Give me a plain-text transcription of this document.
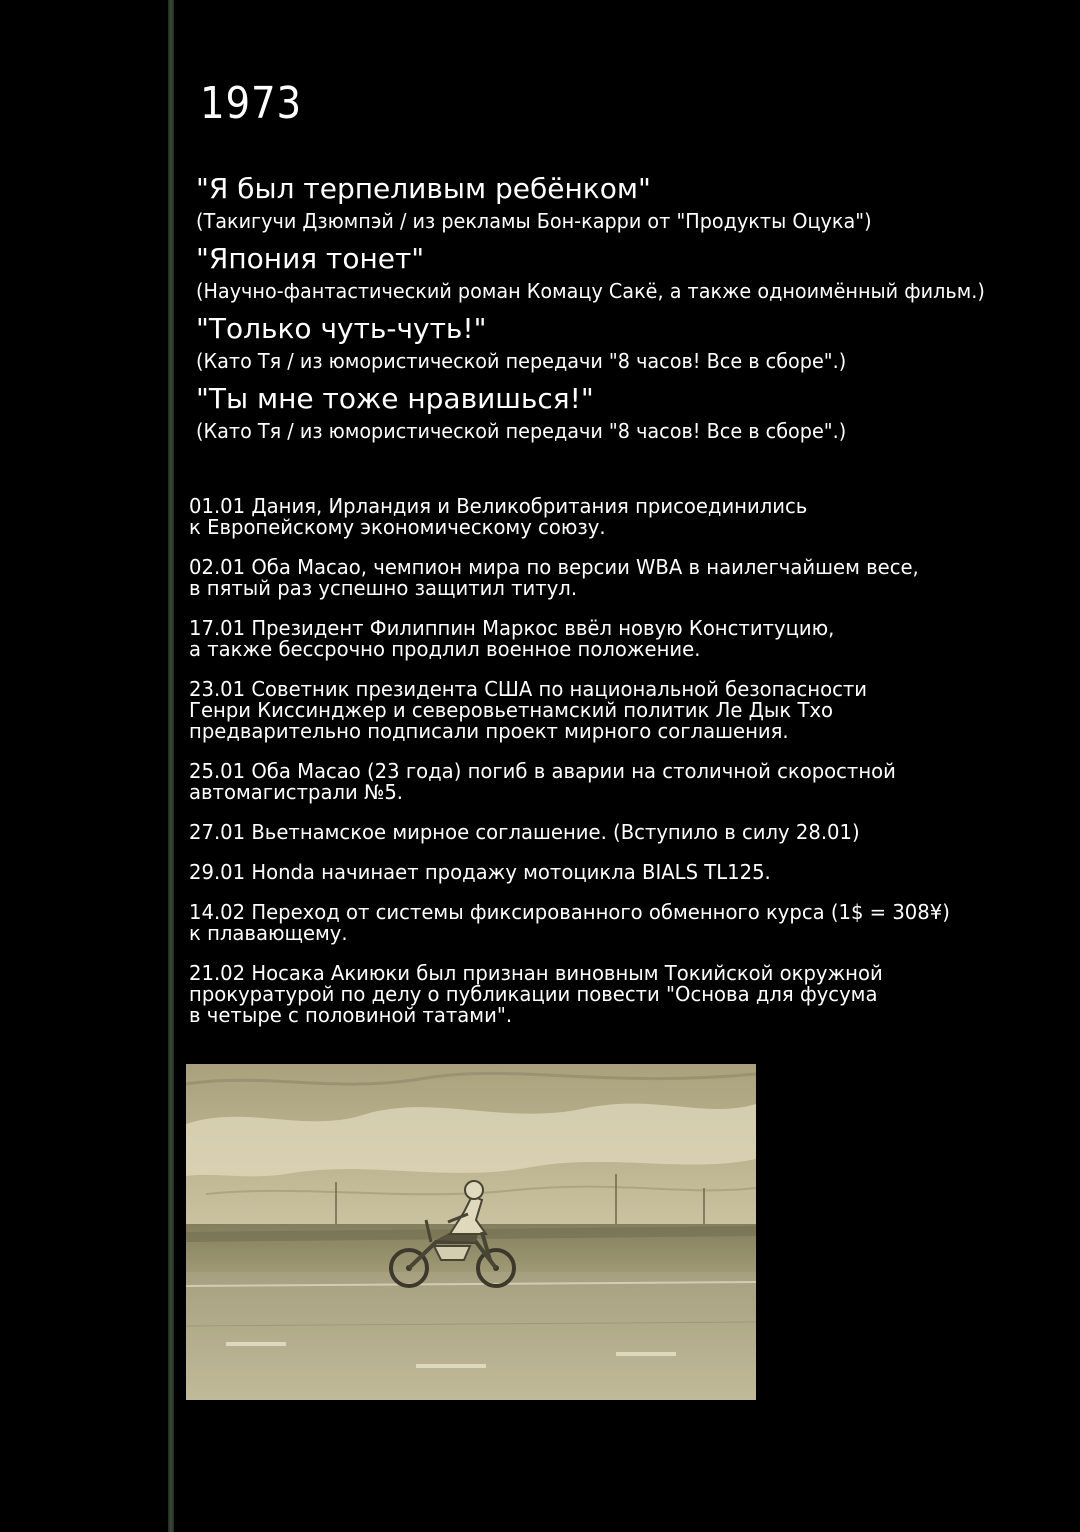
1973
"Я был терпеливым ребёнком"
(Такигучи Дзюмпэй / из рекламы Бон-карри от "Продукты Оцука")
"Япония тонет"
(Научно-фантастический роман Комацу Сакё, а также одноимённый фильм.)
"Только чуть-чуть!"
(Като Тя / из юмористической передачи "8 часов! Все в сборе".)
"Ты мне тоже нравишься!"
(Като Тя / из юмористической передачи "8 часов! Все в сборе".)
01.01 Дания, Ирландия и Великобритания присоединились
к Европейскому экономическому союзу.
02.01 Оба Масао, чемпион мира по версии WBA в наилегчайшем весе,
в пятый раз успешно защитил титул.
17.01 Президент Филиппин Маркос ввёл новую Конституцию,
а также бессрочно продлил военное положение.
23.01 Советник президента США по национальной безопасности
Генри Киссинджер и северовьетнамский политик Ле Дык Тхо
предварительно подписали проект мирного соглашения.
25.01 Оба Масао (23 года) погиб в аварии на столичной скоростной
автомагистрали №5.
27.01 Вьетнамское мирное соглашение. (Вступило в силу 28.01)
29.01 Honda начинает продажу мотоцикла BIALS TL125.
14.02 Переход от системы фиксированного обменного курса (1$ = 308¥)
к плавающему.
21.02 Носака Акиюки был признан виновным Токийской окружной
прокуратурой по делу о публикации повести "Основа для фусума
в четыре с половиной татами".
